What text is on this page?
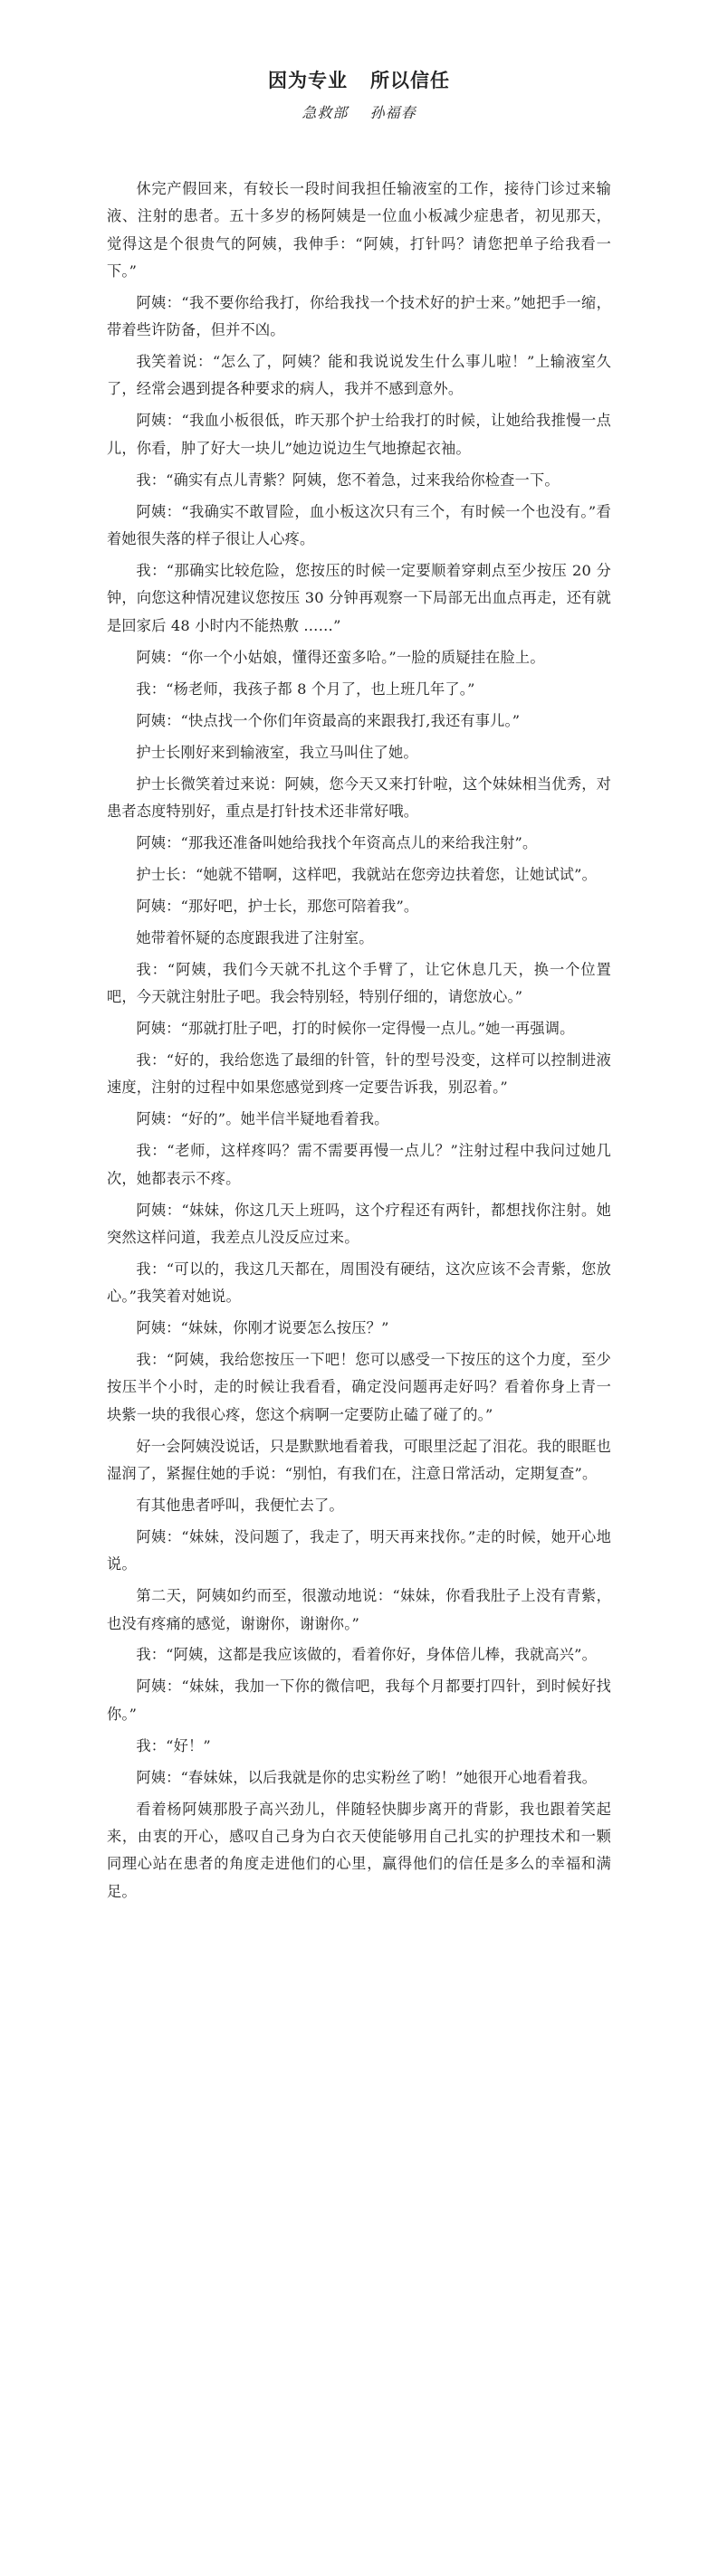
因为专业   所以信任
急救部    孙福春

休完产假回来，有较长一段时间我担任输液室的工作，接待门诊过来输液、注射的患者。五十多岁的杨阿姨是一位血小板减少症患者，初见那天，觉得这是个很贵气的阿姨，我伸手：“阿姨，打针吗？请您把单子给我看一下。”

阿姨：“我不要你给我打，你给我找一个技术好的护士来。”她把手一缩，带着些许防备，但并不凶。

我笑着说：“怎么了，阿姨？能和我说说发生什么事儿啦！”上输液室久了，经常会遇到提各种要求的病人，我并不感到意外。

阿姨：“我血小板很低，昨天那个护士给我打的时候，让她给我推慢一点儿，你看，肿了好大一块儿”她边说边生气地撩起衣袖。

我：“确实有点儿青紫？阿姨，您不着急，过来我给你检查一下。

阿姨：“我确实不敢冒险，血小板这次只有三个，有时候一个也没有。”看着她很失落的样子很让人心疼。

我：“那确实比较危险，您按压的时候一定要顺着穿刺点至少按压 20 分钟，向您这种情况建议您按压 30 分钟再观察一下局部无出血点再走，还有就是回家后 48 小时内不能热敷 ……”

阿姨：“你一个小姑娘，懂得还蛮多哈。”一脸的质疑挂在脸上。

我：“杨老师，我孩子都 8 个月了，也上班几年了。”

阿姨：“快点找一个你们年资最高的来跟我打,我还有事儿。”

护士长刚好来到输液室，我立马叫住了她。

护士长微笑着过来说：阿姨，您今天又来打针啦，这个妹妹相当优秀，对患者态度特别好，重点是打针技术还非常好哦。

阿姨：“那我还准备叫她给我找个年资高点儿的来给我注射”。

护士长：“她就不错啊，这样吧，我就站在您旁边扶着您，让她试试”。

阿姨：“那好吧，护士长，那您可陪着我”。

她带着怀疑的态度跟我进了注射室。

我：“阿姨，我们今天就不扎这个手臂了，让它休息几天，换一个位置吧，今天就注射肚子吧。我会特别轻，特别仔细的，请您放心。”

阿姨：“那就打肚子吧，打的时候你一定得慢一点儿。”她一再强调。

我：“好的，我给您选了最细的针管，针的型号没变，这样可以控制进液速度，注射的过程中如果您感觉到疼一定要告诉我，别忍着。”

阿姨：“好的”。她半信半疑地看着我。

我：“老师，这样疼吗？需不需要再慢一点儿？”注射过程中我问过她几次，她都表示不疼。

阿姨：“妹妹，你这几天上班吗，这个疗程还有两针，都想找你注射。她突然这样问道，我差点儿没反应过来。

我：“可以的，我这几天都在，周围没有硬结，这次应该不会青紫，您放心。”我笑着对她说。

阿姨：“妹妹，你刚才说要怎么按压？”

我：“阿姨，我给您按压一下吧！您可以感受一下按压的这个力度，至少按压半个小时，走的时候让我看看，确定没问题再走好吗？看着你身上青一块紫一块的我很心疼，您这个病啊一定要防止磕了碰了的。”

好一会阿姨没说话，只是默默地看着我，可眼里泛起了泪花。我的眼眶也湿润了，紧握住她的手说：“别怕，有我们在，注意日常活动，定期复查”。

有其他患者呼叫，我便忙去了。

阿姨：“妹妹，没问题了，我走了，明天再来找你。”走的时候，她开心地说。

第二天，阿姨如约而至，很激动地说：“妹妹，你看我肚子上没有青紫，也没有疼痛的感觉，谢谢你，谢谢你。”

我：“阿姨，这都是我应该做的，看着你好，身体倍儿棒，我就高兴”。

阿姨：“妹妹，我加一下你的微信吧，我每个月都要打四针，到时候好找你。”

我：“好！”

阿姨：“春妹妹，以后我就是你的忠实粉丝了哟！”她很开心地看着我。

看着杨阿姨那股子高兴劲儿，伴随轻快脚步离开的背影，我也跟着笑起来，由衷的开心，感叹自己身为白衣天使能够用自己扎实的护理技术和一颗同理心站在患者的角度走进他们的心里，赢得他们的信任是多么的幸福和满足。
